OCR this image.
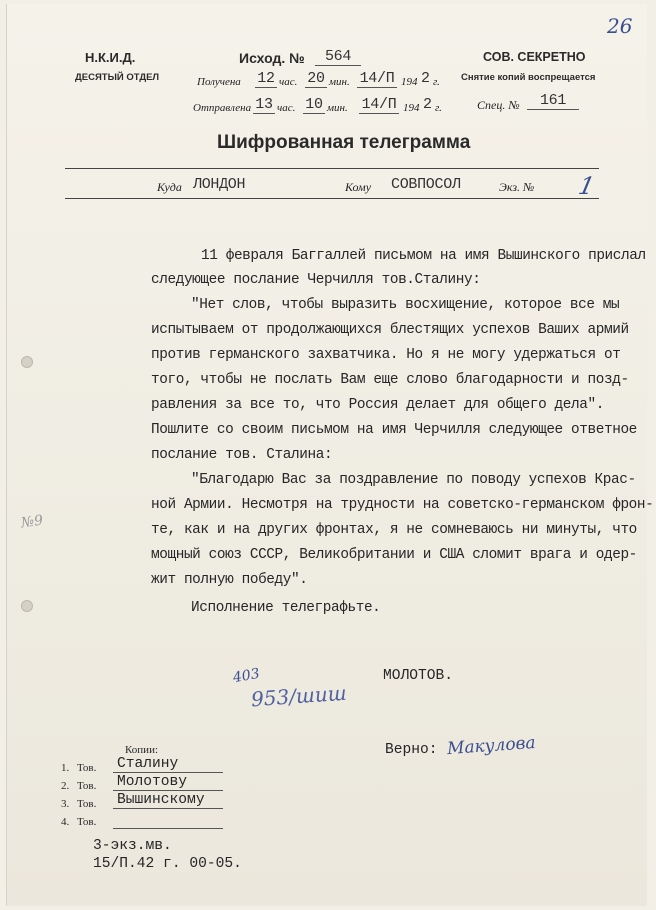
26
Н.К.И.Д.
ДЕСЯТЫЙ ОТДЕЛ
Исход. №	564
Получена 12 час. 20 мин. 14/П 194 2 г.
Отправлена 13 час. 10 мин. 14/П 194 2 г.
СОВ. СЕКРЕТНО
Снятие копий воспрещается
Спец. №	161
Шифрованная телеграмма
Куда ЛОНДОН	Кому СОВПОСОЛ	Экз. № 1
11 февраля Баггаллей письмом на имя Вышинского прислал
следующее послание Черчилля тов.Сталину:
"Нет слов, чтобы выразить восхищение, которое все мы
испытываем от продолжающихся блестящих успехов Ваших армий
против германского захватчика. Но я не могу удержаться от
того, чтобы не послать Вам еще слово благодарности и позд-
равления за все то, что Россия делает для общего дела".
Пошлите со своим письмом на имя Черчилля следующее ответное
послание тов. Сталина:
"Благодарю Вас за поздравление по поводу успехов Крас-
ной Армии. Несмотря на трудности на советско-германском фрон-
те, как и на других фронтах, я не сомневаюсь ни минуты, что
мощный союз СССР, Великобритании и США сломит врага и одер-
жит полную победу".
Исполнение телеграфьте.
МОЛОТОВ.
403
953/шиш
№9
Верно: Макулова
Копии:
1. Тов. Сталину
2. Тов. Молотову
3. Тов. Вышинскому
4. Тов.
3-экз.мв.
15/П.42 г. 00-05.
